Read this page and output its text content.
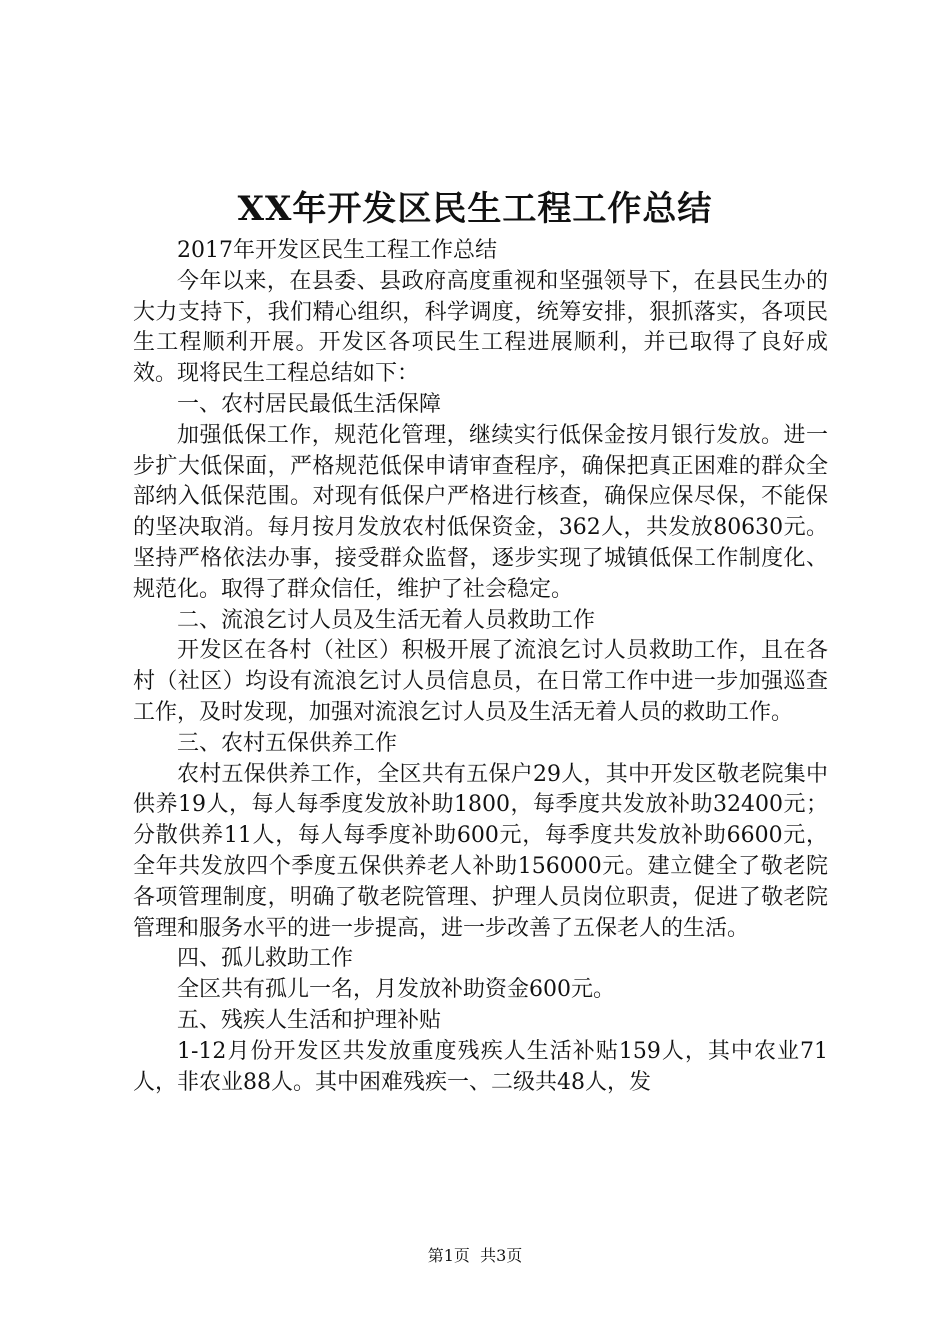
XX年开发区民生工程工作总结

2017年开发区民生工程工作总结

今年以来，在县委、县政府高度重视和坚强领导下，在县民生办的大力支持下，我们精心组织，科学调度，统筹安排，狠抓落实，各项民生工程顺利开展。开发区各项民生工程进展顺利，并已取得了良好成效。现将民生工程总结如下：

一、农村居民最低生活保障

加强低保工作，规范化管理，继续实行低保金按月银行发放。进一步扩大低保面，严格规范低保申请审查程序，确保把真正困难的群众全部纳入低保范围。对现有低保户严格进行核查，确保应保尽保，不能保的坚决取消。每月按月发放农村低保资金，362人，共发放80630元。坚持严格依法办事，接受群众监督，逐步实现了城镇低保工作制度化、规范化。取得了群众信任，维护了社会稳定。

二、流浪乞讨人员及生活无着人员救助工作

开发区在各村（社区）积极开展了流浪乞讨人员救助工作，且在各村（社区）均设有流浪乞讨人员信息员，在日常工作中进一步加强巡查工作，及时发现，加强对流浪乞讨人员及生活无着人员的救助工作。

三、农村五保供养工作

农村五保供养工作，全区共有五保户29人，其中开发区敬老院集中供养19人，每人每季度发放补助1800，每季度共发放补助32400元；分散供养11人，每人每季度补助600元，每季度共发放补助6600元，全年共发放四个季度五保供养老人补助156000元。建立健全了敬老院各项管理制度，明确了敬老院管理、护理人员岗位职责，促进了敬老院管理和服务水平的进一步提高，进一步改善了五保老人的生活。

四、孤儿救助工作

全区共有孤儿一名，月发放补助资金600元。

五、残疾人生活和护理补贴

1-12月份开发区共发放重度残疾人生活补贴159人，其中农业71人，非农业88人。其中困难残疾一、二级共48人，发

第1页  共3页
